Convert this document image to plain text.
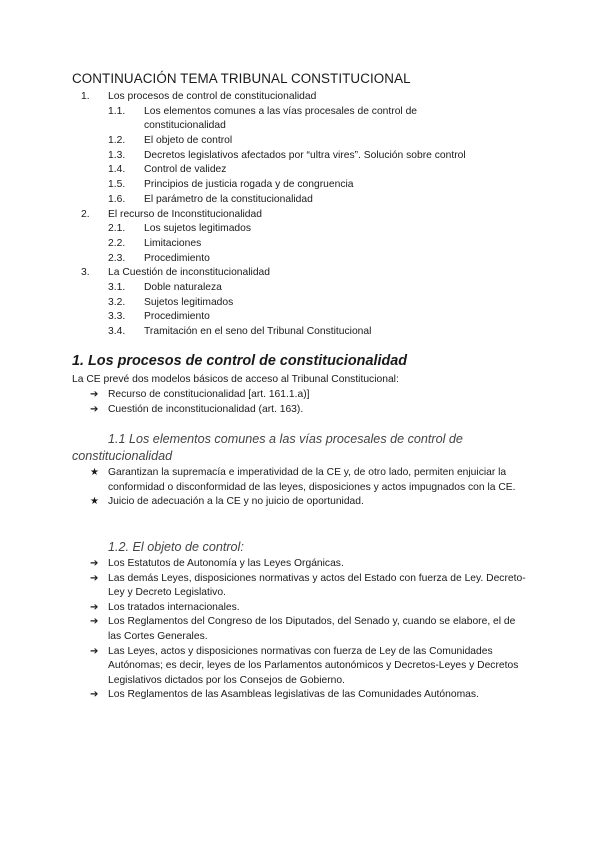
CONTINUACIÓN TEMA TRIBUNAL CONSTITUCIONAL
1. Los procesos de control de constitucionalidad
1.1. Los elementos comunes a las vías procesales de control de
constitucionalidad
1.2. El objeto de control
1.3. Decretos legislativos afectados por “ultra vires”. Solución sobre control
1.4. Control de validez
1.5. Principios de justicia rogada y de congruencia
1.6. El parámetro de la constitucionalidad
2. El recurso de Inconstitucionalidad
2.1. Los sujetos legitimados
2.2. Limitaciones
2.3. Procedimiento
3. La Cuestión de inconstitucionalidad
3.1. Doble naturaleza
3.2. Sujetos legitimados
3.3. Procedimiento
3.4. Tramitación en el seno del Tribunal Constitucional
1. Los procesos de control de constitucionalidad
La CE prevé dos modelos básicos de acceso al Tribunal Constitucional:
➔ Recurso de constitucionalidad [art. 161.1.a)]
➔ Cuestión de inconstitucionalidad (art. 163).
1.1 Los elementos comunes a las vías procesales de control de
constitucionalidad
★ Garantizan la supremacía e imperatividad de la CE y, de otro lado, permiten enjuiciar la conformidad o disconformidad de las leyes, disposiciones y actos impugnados con la CE.
★ Juicio de adecuación a la CE y no juicio de oportunidad.
1.2. El objeto de control:
➔ Los Estatutos de Autonomía y las Leyes Orgánicas.
➔ Las demás Leyes, disposiciones normativas y actos del Estado con fuerza de Ley. Decreto- Ley y Decreto Legislativo.
➔ Los tratados internacionales.
➔ Los Reglamentos del Congreso de los Diputados, del Senado y, cuando se elabore, el de las Cortes Generales.
➔ Las Leyes, actos y disposiciones normativas con fuerza de Ley de las Comunidades Autónomas; es decir, leyes de los Parlamentos autonómicos y Decretos-Leyes y Decretos Legislativos dictados por los Consejos de Gobierno.
➔ Los Reglamentos de las Asambleas legislativas de las Comunidades Autónomas.
